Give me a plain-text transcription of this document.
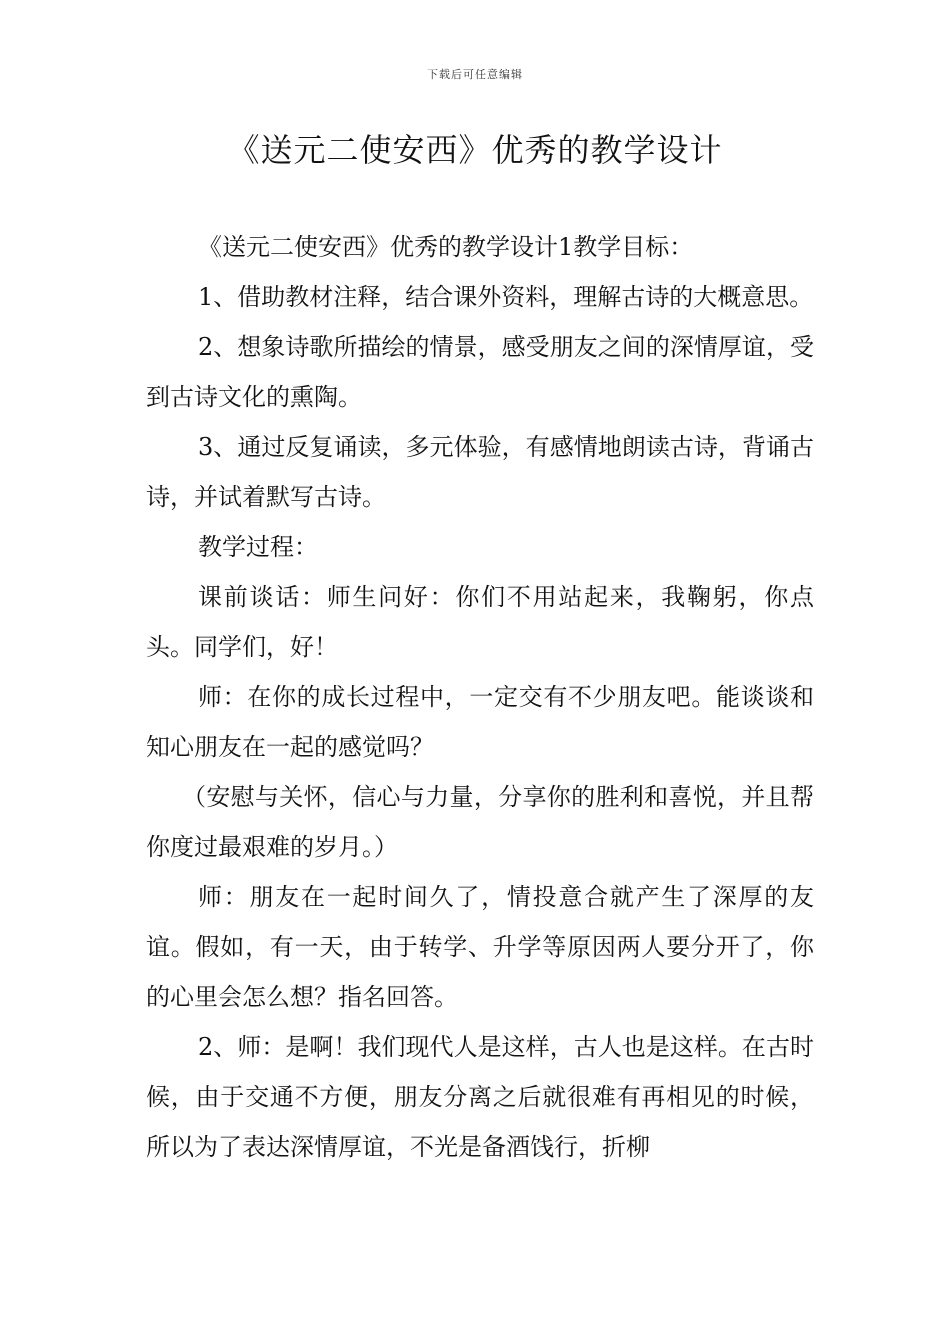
下载后可任意编辑
《送元二使安西》优秀的教学设计

《送元二使安西》优秀的教学设计1教学目标：

1、借助教材注释，结合课外资料，理解古诗的大概意思。

2、想象诗歌所描绘的情景，感受朋友之间的深情厚谊，受到古诗文化的熏陶。

3、通过反复诵读，多元体验，有感情地朗读古诗，背诵古诗，并试着默写古诗。

教学过程：

课前谈话：师生问好：你们不用站起来，我鞠躬，你点头。同学们，好！

师：在你的成长过程中，一定交有不少朋友吧。能谈谈和知心朋友在一起的感觉吗？

（安慰与关怀，信心与力量，分享你的胜利和喜悦，并且帮你度过最艰难的岁月。）

师：朋友在一起时间久了，情投意合就产生了深厚的友谊。假如，有一天，由于转学、升学等原因两人要分开了，你的心里会怎么想？指名回答。

2、师：是啊！我们现代人是这样，古人也是这样。在古时候，由于交通不方便，朋友分离之后就很难有再相见的时候，所以为了表达深情厚谊，不光是备酒饯行，折柳
